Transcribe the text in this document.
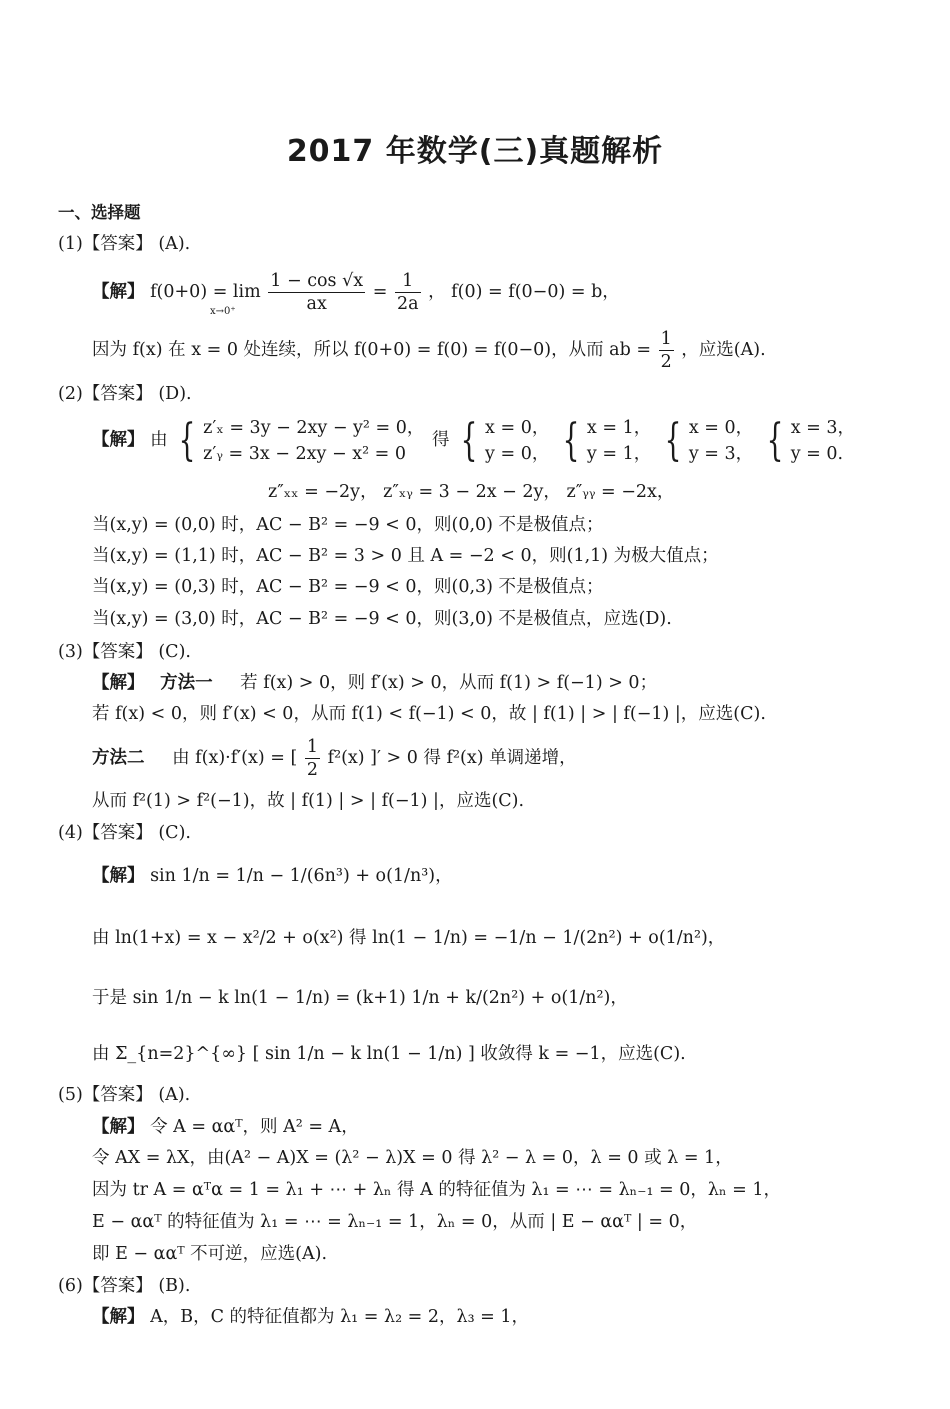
2017 年数学(三)真题解析
一、选择题
(1)【答案】 (A).
【解】 $f(0+0) = \lim \frac{1 - \cos √x}{ax} = \frac{1}{2a}$ ， f(0) = f(0−0) = b，
x→0⁺
因为 f(x) 在 x = 0 处连续，所以 f(0+0) = f(0) = f(0−0)，从而 ab = $\frac{1}{2}$ ，应选(A).
(2)【答案】 (D).
【解】 由 { z′ₓ = 3y − 2xy − y² = 0，
z′ᵧ = 3x − 2xy − x² = 0
得 { x = 0，
y = 0， { x = 1，
y = 1， { x = 0，
y = 3， { x = 3，
y = 0.
z″ₓₓ = −2y， z″ₓᵧ = 3 − 2x − 2y， z″ᵧᵧ = −2x，
当(x,y) = (0,0) 时，AC − B² = −9 < 0，则(0,0) 不是极值点；
当(x,y) = (1,1) 时，AC − B² = 3 > 0 且 A = −2 < 0，则(1,1) 为极大值点；
当(x,y) = (0,3) 时，AC − B² = −9 < 0，则(0,3) 不是极值点；
当(x,y) = (3,0) 时，AC − B² = −9 < 0，则(3,0) 不是极值点，应选(D).
(3)【答案】 (C).
【解】 方法一 若 f(x) > 0，则 f′(x) > 0，从而 f(1) > f(−1) > 0；
若 f(x) < 0，则 f′(x) < 0，从而 f(1) < f(−1) < 0，故 | f(1) | > | f(−1) |，应选(C).
方法二 由 f(x)·f′(x) = [ $\frac{1}{2} f^2(x)$ ]′ > 0 得 f²(x) 单调递增，
从而 f²(1) > f²(−1)，故 | f(1) | > | f(−1) |，应选(C).
(4)【答案】 (C).
【解】 sin 1/n = 1/n − 1/(6n³) + o(1/n³)，
由 ln(1+x) = x − x²/2 + o(x²) 得 ln(1 − 1/n) = −1/n − 1/(2n²) + o(1/n²)，
于是 sin 1/n − k ln(1 − 1/n) = (k+1) 1/n + k/(2n²) + o(1/n²)，
由 Σ_{n=2}^{∞} [ sin 1/n − k ln(1 − 1/n) ] 收敛得 k = −1，应选(C).
(5)【答案】 (A).
【解】 令 A = ααᵀ，则 A² = A，
令 AX = λX，由(A² − A)X = (λ² − λ)X = 0 得 λ² − λ = 0，λ = 0 或 λ = 1，
因为 tr A = αᵀα = 1 = λ₁ + ⋯ + λₙ 得 A 的特征值为 λ₁ = ⋯ = λₙ₋₁ = 0，λₙ = 1，
E − ααᵀ 的特征值为 λ₁ = ⋯ = λₙ₋₁ = 1，λₙ = 0，从而 | E − ααᵀ | = 0，
即 E − ααᵀ 不可逆，应选(A).
(6)【答案】 (B).
【解】 A，B，C 的特征值都为 λ₁ = λ₂ = 2，λ₃ = 1，
